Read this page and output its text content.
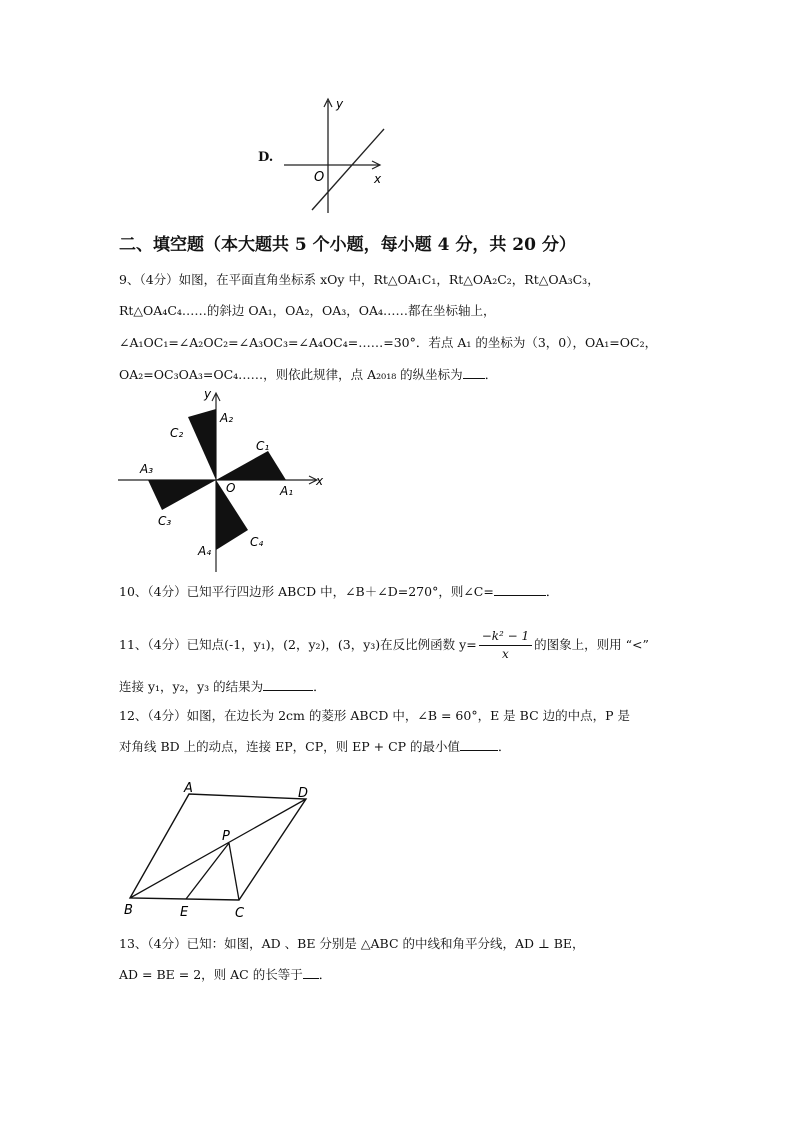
D.
y
x
O
二、填空题（本大题共 5 个小题，每小题 4 分，共 20 分）
9、（4分）如图，在平面直角坐标系 xOy 中，Rt△OA₁C₁，Rt△OA₂C₂，Rt△OA₃C₃，
Rt△OA₄C₄……的斜边 OA₁，OA₂，OA₃，OA₄……都在坐标轴上，
∠A₁OC₁=∠A₂OC₂=∠A₃OC₃=∠A₄OC₄=……=30°．若点 A₁ 的坐标为（3，0），OA₁=OC₂，
OA₂=OC₃OA₃=OC₄……，则依此规律，点 A₂₀₁₈ 的纵坐标为 ．
y
x
O	A₁
A₂
A₃
A₄
C₁
C₂
C₃
C₄
10、（4分）已知平行四边形 ABCD 中，∠B＋∠D=270°，则∠C=	．
11、（4分）已知点(-1，y₁)，(2，y₂)，(3，y₃)在反比例函数 $y= \frac{\text{−k² − 1}}{x}$ 的图象上，则用 “<”
连接 y₁，y₂，y₃ 的结果为	．
12、（4分）如图，在边长为 2cm 的菱形 ABCD 中，∠B = 60°，E 是 BC 边的中点，P 是
对角线 BD 上的动点，连接 EP，CP，则 EP + CP 的最小值	．
A	D
P
B	E	C
13、（4分）已知：如图，AD 、BE 分别是 △ABC 的中线和角平分线，AD ⊥ BE，
AD = BE = 2，则 AC 的长等于 ．
